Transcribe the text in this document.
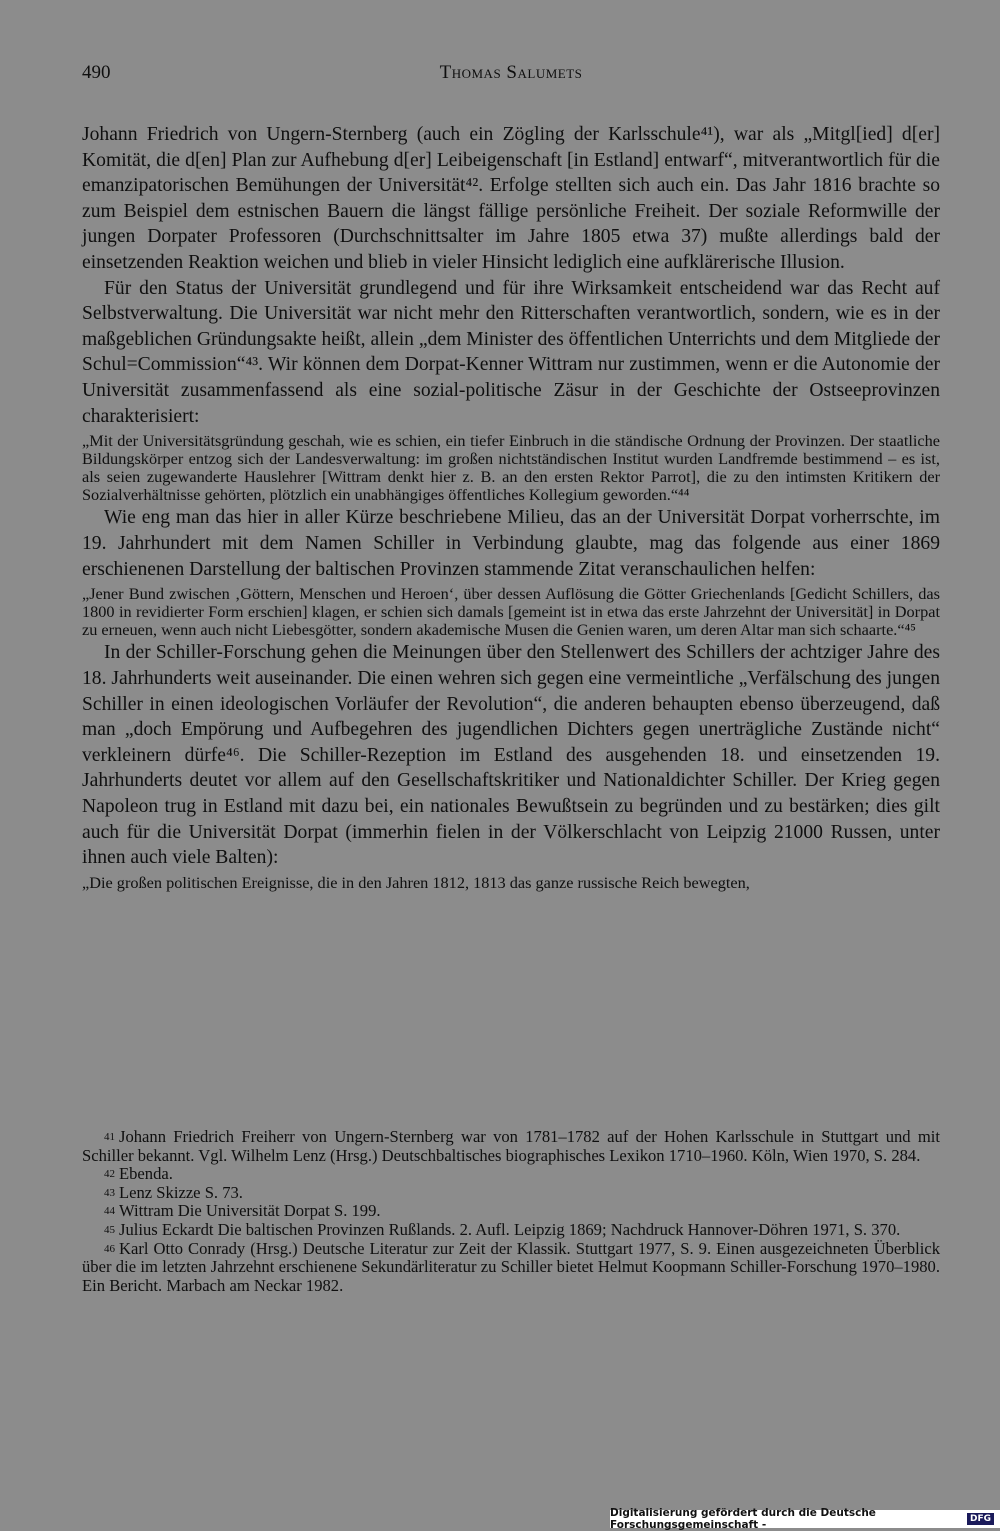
490	Thomas Salumets

Johann Friedrich von Ungern-Sternberg (auch ein Zögling der Karlsschule⁴¹), war als „Mitgl[ied] d[er] Komität, die d[en] Plan zur Aufhebung d[er] Leibeigenschaft [in Estland] entwarf“, mitverantwortlich für die emanzipatorischen Bemühungen der Universität⁴². Erfolge stellten sich auch ein. Das Jahr 1816 brachte so zum Beispiel dem estnischen Bauern die längst fällige persönliche Freiheit. Der soziale Reformwille der jungen Dorpater Professoren (Durchschnittsalter im Jahre 1805 etwa 37) mußte allerdings bald der einsetzenden Reaktion weichen und blieb in vieler Hinsicht lediglich eine aufklärerische Illusion.

Für den Status der Universität grundlegend und für ihre Wirksamkeit entscheidend war das Recht auf Selbstverwaltung. Die Universität war nicht mehr den Ritterschaften verantwortlich, sondern, wie es in der maßgeblichen Gründungsakte heißt, allein „dem Minister des öffentlichen Unterrichts und dem Mitgliede der Schul=Commission“⁴³. Wir können dem Dorpat-Kenner Wittram nur zustimmen, wenn er die Autonomie der Universität zusammenfassend als eine sozial-politische Zäsur in der Geschichte der Ostseeprovinzen charakterisiert:

„Mit der Universitätsgründung geschah, wie es schien, ein tiefer Einbruch in die ständische Ordnung der Provinzen. Der staatliche Bildungskörper entzog sich der Landesverwaltung: im großen nichtständischen Institut wurden Landfremde bestimmend – es ist, als seien zugewanderte Hauslehrer [Wittram denkt hier z. B. an den ersten Rektor Parrot], die zu den intimsten Kritikern der Sozialverhältnisse gehörten, plötzlich ein unabhängiges öffentliches Kollegium geworden.“⁴⁴

Wie eng man das hier in aller Kürze beschriebene Milieu, das an der Universität Dorpat vorherrschte, im 19. Jahrhundert mit dem Namen Schiller in Verbindung glaubte, mag das folgende aus einer 1869 erschienenen Darstellung der baltischen Provinzen stammende Zitat veranschaulichen helfen:

„Jener Bund zwischen ‚Göttern, Menschen und Heroen‘, über dessen Auflösung die Götter Griechenlands [Gedicht Schillers, das 1800 in revidierter Form erschien] klagen, er schien sich damals [gemeint ist in etwa das erste Jahrzehnt der Universität] in Dorpat zu erneuen, wenn auch nicht Liebesgötter, sondern akademische Musen die Genien waren, um deren Altar man sich schaarte.“⁴⁵

In der Schiller-Forschung gehen die Meinungen über den Stellenwert des Schillers der achtziger Jahre des 18. Jahrhunderts weit auseinander. Die einen wehren sich gegen eine vermeintliche „Verfälschung des jungen Schiller in einen ideologischen Vorläufer der Revolution“, die anderen behaupten ebenso überzeugend, daß man „doch Empörung und Aufbegehren des jugendlichen Dichters gegen unerträgliche Zustände nicht“ verkleinern dürfe⁴⁶. Die Schiller-Rezeption im Estland des ausgehenden 18. und einsetzenden 19. Jahrhunderts deutet vor allem auf den Gesellschaftskritiker und Nationaldichter Schiller. Der Krieg gegen Napoleon trug in Estland mit dazu bei, ein nationales Bewußtsein zu begründen und zu bestärken; dies gilt auch für die Universität Dorpat (immerhin fielen in der Völkerschlacht von Leipzig 21000 Russen, unter ihnen auch viele Balten):

„Die großen politischen Ereignisse, die in den Jahren 1812, 1813 das ganze russische Reich bewegten,

41 Johann Friedrich Freiherr von Ungern-Sternberg war von 1781–1782 auf der Hohen Karlsschule in Stuttgart und mit Schiller bekannt. Vgl. Wilhelm Lenz (Hrsg.) Deutschbaltisches biographisches Lexikon 1710–1960. Köln, Wien 1970, S. 284.

42 Ebenda.

43 Lenz Skizze S. 73.

44 Wittram Die Universität Dorpat S. 199.

45 Julius Eckardt Die baltischen Provinzen Rußlands. 2. Aufl. Leipzig 1869; Nachdruck Hannover-Döhren 1971, S. 370.

46 Karl Otto Conrady (Hrsg.) Deutsche Literatur zur Zeit der Klassik. Stuttgart 1977, S. 9. Einen ausgezeichneten Überblick über die im letzten Jahrzehnt erschienene Sekundärliteratur zu Schiller bietet Helmut Koopmann Schiller-Forschung 1970–1980. Ein Bericht. Marbach am Neckar 1982.

Digitalisierung gefördert durch die Deutsche Forschungsgemeinschaft -	DFG
